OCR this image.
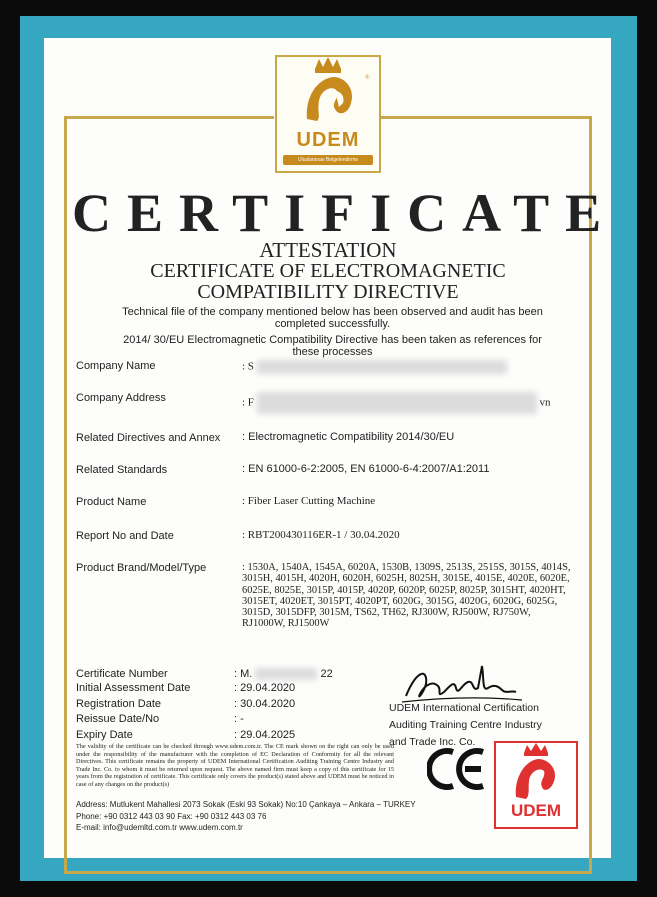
®
UDEM
Uluslararası Belgelendirme
CERTIFICATE
ATTESTATION
CERTIFICATE OF ELECTROMAGNETIC
COMPATIBILITY DIRECTIVE
Technical file of the company mentioned below has been observed and audit has been completed successfully.
2014/ 30/EU Electromagnetic Compatibility Directive has been taken as references for these processes
Company Name	: S
Company Address	: F	vn
Related Directives and Annex	: Electromagnetic Compatibility 2014/30/EU
Related Standards	: EN 61000-6-2:2005, EN 61000-6-4:2007/A1:2011
Product Name	: Fiber Laser Cutting Machine
Report No and Date	: RBT200430116ER-1 / 30.04.2020
Product Brand/Model/Type	: 1530A, 1540A, 1545A, 6020A, 1530B, 1309S, 2513S, 2515S, 3015S, 4014S, 3015H, 4015H, 4020H, 6020H, 6025H, 8025H, 3015E, 4015E, 4020E, 6020E, 6025E, 8025E, 3015P, 4015P, 4020P, 6020P, 6025P, 8025P, 3015HT, 4020HT, 3015ET, 4020ET, 3015PT, 4020PT, 6020G, 3015G, 4020G, 6020G, 6025G, 3015D, 3015DFP, 3015M, TS62, TH62, RJ300W, RJ500W, RJ750W, RJ1000W, RJ1500W
Certificate Number	: M.	22
Initial Assessment Date	: 29.04.2020
Registration Date	: 30.04.2020
Reissue Date/No	: -
Expiry Date	: 29.04.2025
The validity of the certificate can be checked through www.udem.com.tr. The CE mark shown on the right can only be used under the responsibility of the manufacturer with the completion of EC Declaration of Conformity for all the relevant Directives. This certificate remains the property of UDEM International Certification Auditing Training Centre Industry and Trade Inc. Co. to whom it must be returned upon request. The above named firm must keep a copy of this certificate for 15 years from the registration of certificate. This certificate only covers the product(s) stated above and UDEM must be noticed in case of any changes on the product(s)
Address: Mutlukent Mahallesi 2073 Sokak (Eski 93 Sokak) No:10 Çankaya – Ankara – TURKEY
Phone: +90 0312 443 03 90 Fax: +90 0312 443 03 76
E-mail: info@udemltd.com.tr www.udem.com.tr
UDEM International Certification
Auditing Training Centre Industry
and Trade Inc. Co.
UDEM
